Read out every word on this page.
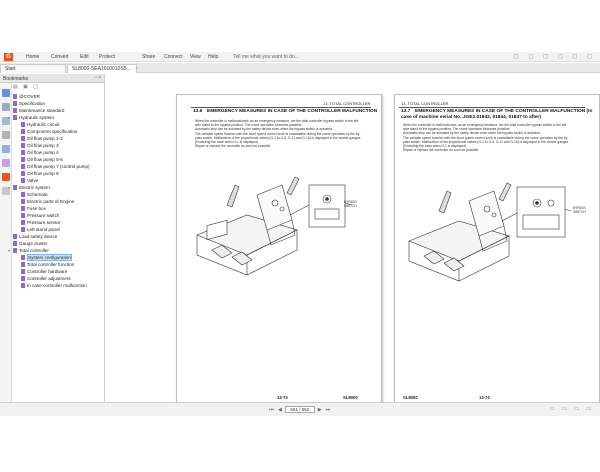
G	Home Convert Edit Protect	Share Connect View Help	Tell me what you want to do...	◻ ◻ ◻ ◻ ◻ ◻
Start	SL8000-SEA1010010S5... ×
Bookmarks	▫ ×
▤ ▣ ▢
@COVER
Specification
Maintenance standard
▾ Hydraulic system
Hydraulic circuit
Component specification
Oil flow pump 1-2
Oil flow pump 3
Oil flow pump 4
Oil flow pump 5-6
Oil flow pump 7 (control pump)
Oil flow pump 8
Valve
▾ Electric system
Schematic
Electric parts of Engine
Fuse box
Pressure switch
Pressure sensor
Left stand panel
Load safety device
Gauge cluster
▾ Total controller
System configuration
Total controller function
Controller hardware
Controller adjustment
In case controller malfunction
13. TOTAL CONTROLLER
13.6 EMERGENCY MEASURES IN CASE OF THE CONTROLLER MALFUNCTION
When the controller is malfunctioned, as an emergency measure, set the total controller bypass switch in the left
side stand to the bypass position. The crane operation becomes possible.
Automatic stop can be actuated by the safety device even when the bypass switch is actuated.
The variable speed function with the short speed control knob is unavailable during the crane operation by the by-
pass switch. Malfunction of the proportional valves (G-1 to G-6, G-11 and G-16) is displayed in the cluster gauges.
(Excluding the case when H-1 is displayed)
Repair or replace the controller as soon as possible.
BYPASS
SWITCH
13-73	SL8000
13. TOTAL CONTROLLER
13.7 EMERGENCY MEASURES IN CASE OF THE CONTROLLER MALFUNCTION (In case of machine serial No.:JGE2.01842, 01844, 01847 to after)
When the controller is malfunctioned, as an emergency measure, set the total controller bypass switch in the left
side stand to the bypass position. The crane operation becomes possible.
Automatic stop can be actuated by the safety device even when the bypass switch is actuated.
The variable speed function with the short speed control knob is unavailable during the crane operation by the by-
pass switch. Malfunction of the proportional valves (G-1 to G-6, G-11 and G-16) is displayed in the cluster gauges.
(Excluding the case when H-1 is displayed)
Repair or replace the controller as soon as possible.
BYPASS
SWITCH
SL8000	13-74
⏮ ◀ 561 / 562 ▶ ⏭	▭ ▭ ▭ ▭
